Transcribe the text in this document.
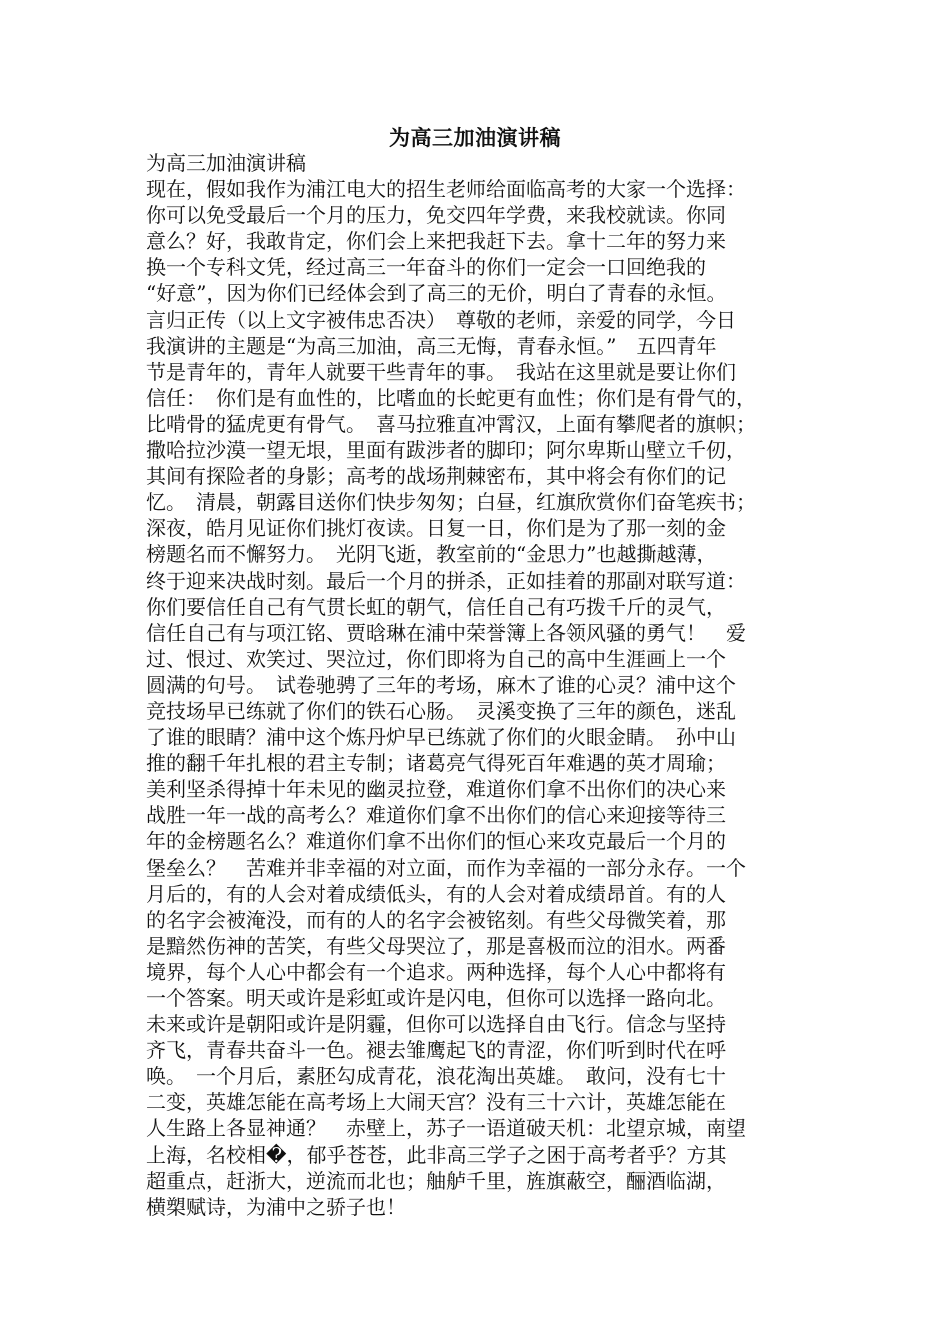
为高三加油演讲稿
为高三加油演讲稿
现在，假如我作为浦江电大的招生老师给面临高考的大家一个选择：
你可以免受最后一个月的压力，免交四年学费，来我校就读。你同
意么？好，我敢肯定，你们会上来把我赶下去。拿十二年的努力来
换一个专科文凭，经过高三一年奋斗的你们一定会一口回绝我的
“好意”，因为你们已经体会到了高三的无价，明白了青春的永恒。
言归正传（以上文字被伟忠否决）　尊敬的老师，亲爱的同学，今日
我演讲的主题是“为高三加油，高三无悔，青春永恒。”　五四青年
节是青年的，青年人就要干些青年的事。　我站在这里就是要让你们
信任：　你们是有血性的，比嗜血的长蛇更有血性；你们是有骨气的，
比啃骨的猛虎更有骨气。　喜马拉雅直冲霄汉，上面有攀爬者的旗帜；
撒哈拉沙漠一望无垠，里面有跋涉者的脚印；阿尔卑斯山壁立千仞，
其间有探险者的身影；高考的战场荆棘密布，其中将会有你们的记
忆。　清晨，朝露目送你们快步匆匆；白昼，红旗欣赏你们奋笔疾书；
深夜，皓月见证你们挑灯夜读。日复一日，你们是为了那一刻的金
榜题名而不懈努力。　光阴飞逝，教室前的“金思力”也越撕越薄，
终于迎来决战时刻。最后一个月的拼杀，正如挂着的那副对联写道：
你们要信任自己有气贯长虹的朝气，信任自己有巧拨千斤的灵气，
信任自己有与项江铭、贾晗琳在浦中荣誉簿上各领风骚的勇气！　爱
过、恨过、欢笑过、哭泣过，你们即将为自己的高中生涯画上一个
圆满的句号。　试卷驰骋了三年的考场，麻木了谁的心灵？浦中这个
竞技场早已练就了你们的铁石心肠。　灵溪变换了三年的颜色，迷乱
了谁的眼睛？浦中这个炼丹炉早已练就了你们的火眼金睛。　孙中山
推的翻千年扎根的君主专制；诸葛亮气得死百年难遇的英才周瑜；
美利坚杀得掉十年未见的幽灵拉登，难道你们拿不出你们的决心来
战胜一年一战的高考么？难道你们拿不出你们的信心来迎接等待三
年的金榜题名么？难道你们拿不出你们的恒心来攻克最后一个月的
堡垒么？　苦难并非幸福的对立面，而作为幸福的一部分永存。一个
月后的，有的人会对着成绩低头，有的人会对着成绩昂首。有的人
的名字会被淹没，而有的人的名字会被铭刻。有些父母微笑着，那
是黯然伤神的苦笑，有些父母哭泣了，那是喜极而泣的泪水。两番
境界，每个人心中都会有一个追求。两种选择，每个人心中都将有
一个答案。明天或许是彩虹或许是闪电，但你可以选择一路向北。
未来或许是朝阳或许是阴霾，但你可以选择自由飞行。信念与坚持
齐飞，青春共奋斗一色。褪去雏鹰起飞的青涩，你们听到时代在呼
唤。　一个月后，素胚勾成青花，浪花淘出英雄。　敢问，没有七十
二变，英雄怎能在高考场上大闹天宫？没有三十六计，英雄怎能在
人生路上各显神通？　赤壁上，苏子一语道破天机：北望京城，南望
上海，名校相�，郁乎苍苍，此非高三学子之困于高考者乎？方其
超重点，赶浙大，逆流而北也；舳舻千里，旌旗蔽空，酾酒临湖，
横槊赋诗，为浦中之骄子也！
